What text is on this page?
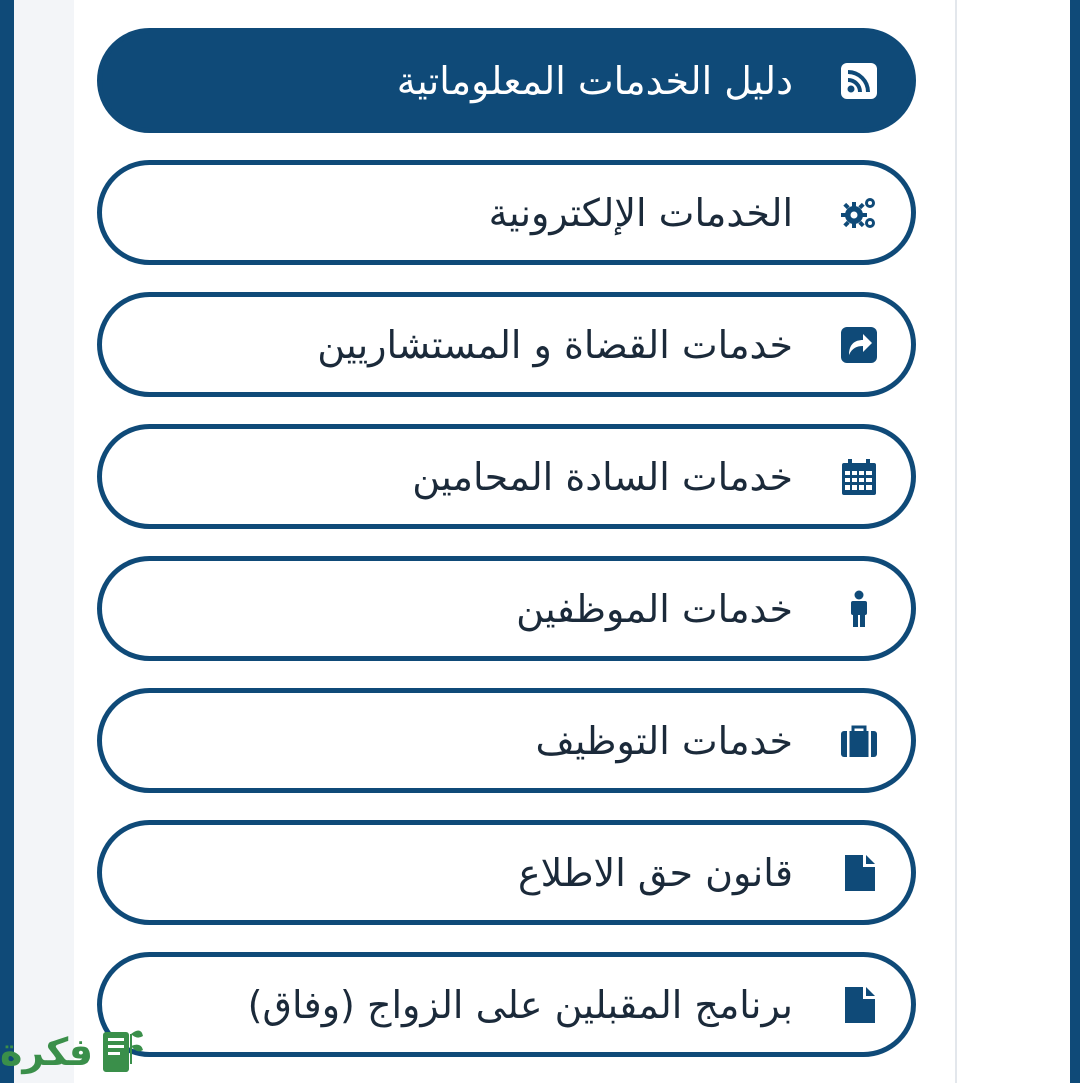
دليل الخدمات المعلوماتية
الخدمات الإلكترونية
خدمات القضاة و المستشاريين
خدمات السادة المحامين
خدمات الموظفين
خدمات التوظيف
قانون حق الاطلاع
برنامج المقبلين على الزواج (وفاق)
فكرة
